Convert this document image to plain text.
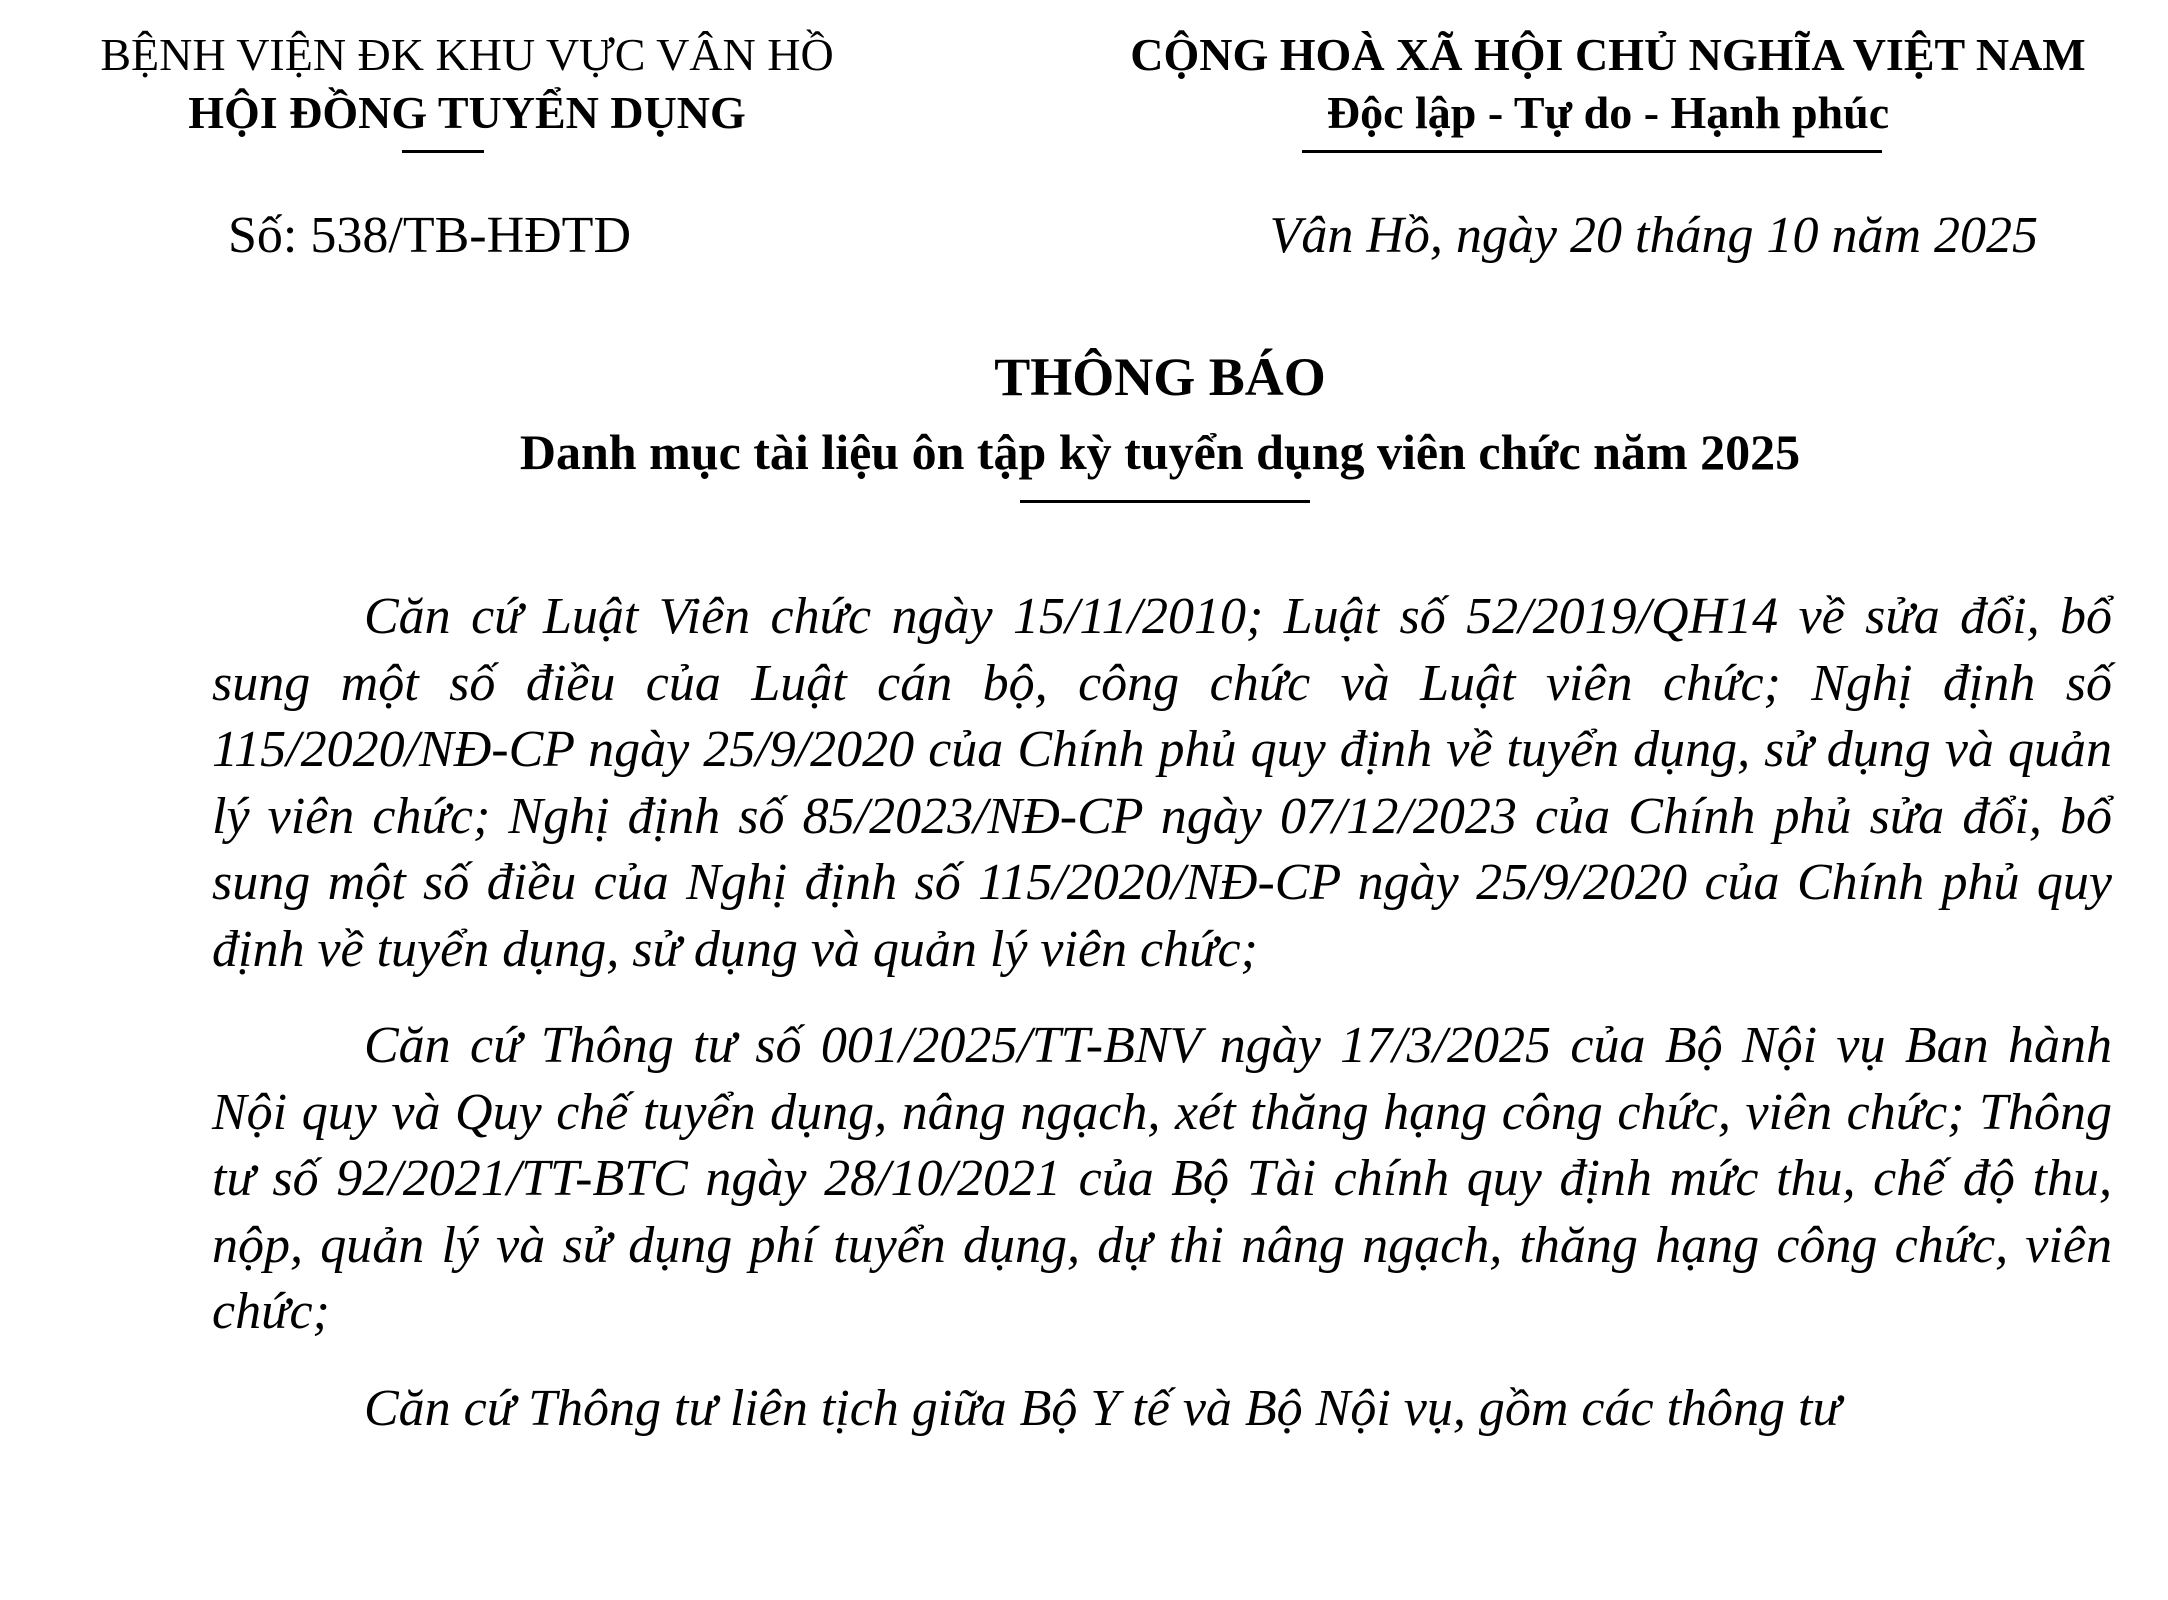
BỆNH VIỆN ĐK KHU VỰC VÂN HỒ
HỘI ĐỒNG TUYỂN DỤNG
CỘNG HOÀ XÃ HỘI CHỦ NGHĨA VIỆT NAM
Độc lập - Tự do - Hạnh phúc
Số: 538/TB-HĐTD	Vân Hồ, ngày 20 tháng 10 năm 2025
THÔNG BÁO
Danh mục tài liệu ôn tập kỳ tuyển dụng viên chức năm 2025

Căn cứ Luật Viên chức ngày 15/11/2010; Luật số 52/2019/QH14 về sửa đổi, bổ sung một số điều của Luật cán bộ, công chức và Luật viên chức; Nghị định số 115/2020/NĐ-CP ngày 25/9/2020 của Chính phủ quy định về tuyển dụng, sử dụng và quản lý viên chức; Nghị định số 85/2023/NĐ-CP ngày 07/12/2023 của Chính phủ sửa đổi, bổ sung một số điều của Nghị định số 115/2020/NĐ-CP ngày 25/9/2020 của Chính phủ quy định về tuyển dụng, sử dụng và quản lý viên chức;

Căn cứ Thông tư số 001/2025/TT-BNV ngày 17/3/2025 của Bộ Nội vụ Ban hành Nội quy và Quy chế tuyển dụng, nâng ngạch, xét thăng hạng công chức, viên chức; Thông tư số 92/2021/TT-BTC ngày 28/10/2021 của Bộ Tài chính quy định mức thu, chế độ thu, nộp, quản lý và sử dụng phí tuyển dụng, dự thi nâng ngạch, thăng hạng công chức, viên chức;

Căn cứ Thông tư liên tịch giữa Bộ Y tế và Bộ Nội vụ, gồm các thông tư
